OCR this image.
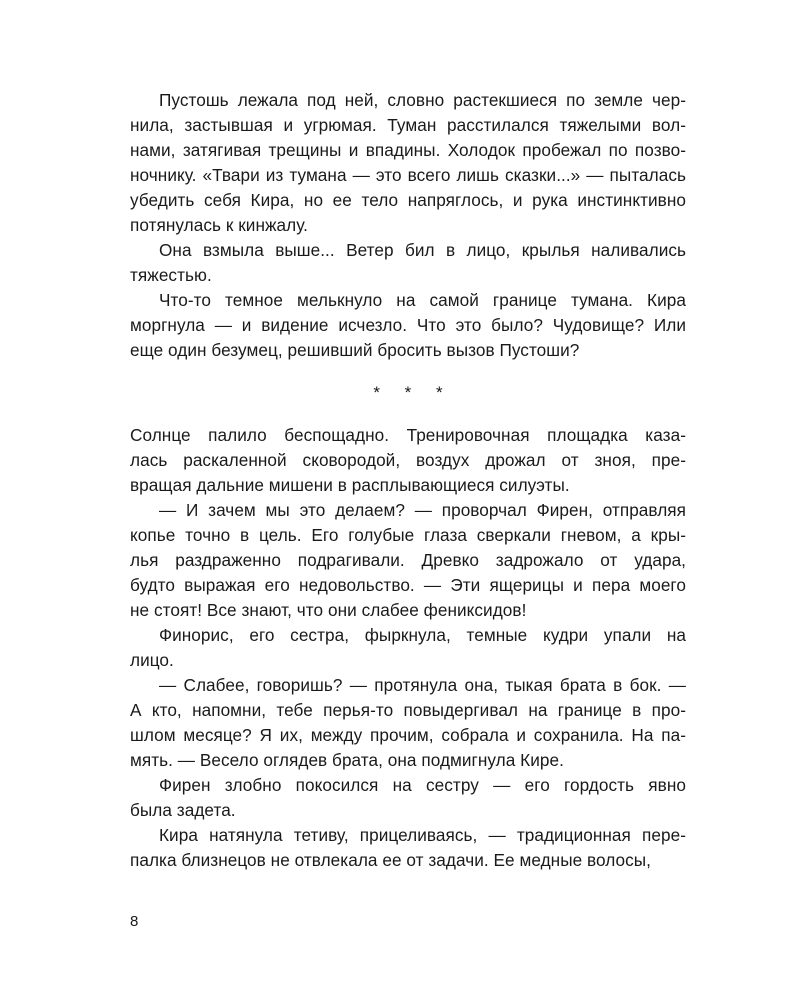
Пустошь лежала под ней, словно растекшиеся по земле чер-
нила, застывшая и угрюмая. Туман расстилался тяжелыми вол-
нами, затягивая трещины и впадины. Холодок пробежал по позво-
ночнику. «Твари из тумана — это всего лишь сказки...» — пыталась
убедить себя Кира, но ее тело напряглось, и рука инстинктивно
потянулась к кинжалу.
Она взмыла выше... Ветер бил в лицо, крылья наливались
тяжестью.
Что-то темное мелькнуло на самой границе тумана. Кира
моргнула — и видение исчезло. Что это было? Чудовище? Или
еще один безумец, решивший бросить вызов Пустоши?
* * *
Солнце палило беспощадно. Тренировочная площадка каза-
лась раскаленной сковородой, воздух дрожал от зноя, пре-
вращая дальние мишени в расплывающиеся силуэты.
— И зачем мы это делаем? — проворчал Фирен, отправляя
копье точно в цель. Его голубые глаза сверкали гневом, а кры-
лья раздраженно подрагивали. Древко задрожало от удара,
будто выражая его недовольство. — Эти ящерицы и пера моего
не стоят! Все знают, что они слабее фениксидов!
Финорис, его сестра, фыркнула, темные кудри упали на
лицо.
— Слабее, говоришь? — протянула она, тыкая брата в бок. —
А кто, напомни, тебе перья-то повыдергивал на границе в про-
шлом месяце? Я их, между прочим, собрала и сохранила. На па-
мять. — Весело оглядев брата, она подмигнула Кире.
Фирен злобно покосился на сестру — его гордость явно
была задета.
Кира натянула тетиву, прицеливаясь, — традиционная пере-
палка близнецов не отвлекала ее от задачи. Ее медные волосы,
8
